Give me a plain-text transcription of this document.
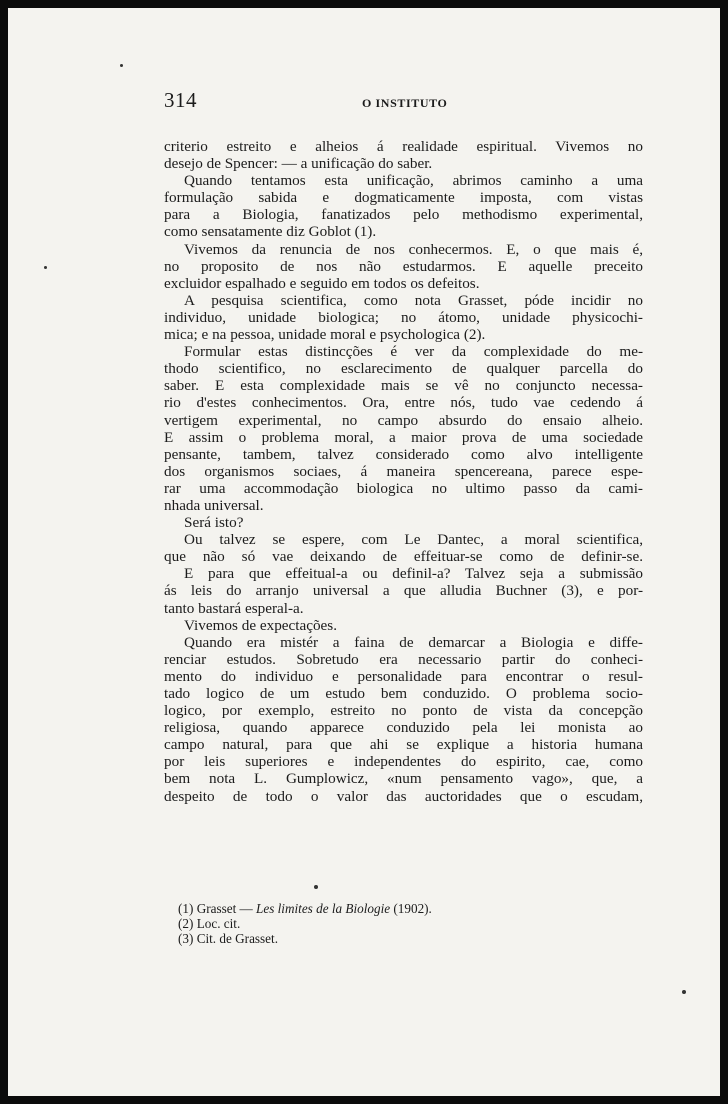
314	O INSTITUTO
criterio estreito e alheios á realidade espiritual. Vivemos no
desejo de Spencer: — a unificação do saber.
Quando tentamos esta unificação, abrimos caminho a uma
formulação sabida e dogmaticamente imposta, com vistas
para a Biologia, fanatizados pelo methodismo experimental,
como sensatamente diz Goblot (1).
Vivemos da renuncia de nos conhecermos. E, o que mais é,
no proposito de nos não estudarmos. E aquelle preceito
excluidor espalhado e seguido em todos os defeitos.
A pesquisa scientifica, como nota Grasset, póde incidir no
individuo, unidade biologica; no átomo, unidade physicochi-
mica; e na pessoa, unidade moral e psychologica (2).
Formular estas distincções é ver da complexidade do me-
thodo scientifico, no esclarecimento de qualquer parcella do
saber. E esta complexidade mais se vê no conjuncto necessa-
rio d'estes conhecimentos. Ora, entre nós, tudo vae cedendo á
vertigem experimental, no campo absurdo do ensaio alheio.
E assim o problema moral, a maior prova de uma sociedade
pensante, tambem, talvez considerado como alvo intelligente
dos organismos sociaes, á maneira spencereana, parece espe-
rar uma accommodação biologica no ultimo passo da cami-
nhada universal.
Será isto?
Ou talvez se espere, com Le Dantec, a moral scientifica,
que não só vae deixando de effeituar-se como de definir-se.
E para que effeitual-a ou definil-a? Talvez seja a submissão
ás leis do arranjo universal a que alludia Buchner (3), e por-
tanto bastará esperal-a.
Vivemos de expectações.
Quando era mistér a faina de demarcar a Biologia e diffe-
renciar estudos. Sobretudo era necessario partir do conheci-
mento do individuo e personalidade para encontrar o resul-
tado logico de um estudo bem conduzido. O problema socio-
logico, por exemplo, estreito no ponto de vista da concepção
religiosa, quando apparece conduzido pela lei monista ao
campo natural, para que ahi se explique a historia humana
por leis superiores e independentes do espirito, cae, como
bem nota L. Gumplowicz, «num pensamento vago», que, a
despeito de todo o valor das auctoridades que o escudam,
(1) Grasset — Les limites de la Biologie (1902).
(2) Loc. cit.
(3) Cit. de Grasset.
